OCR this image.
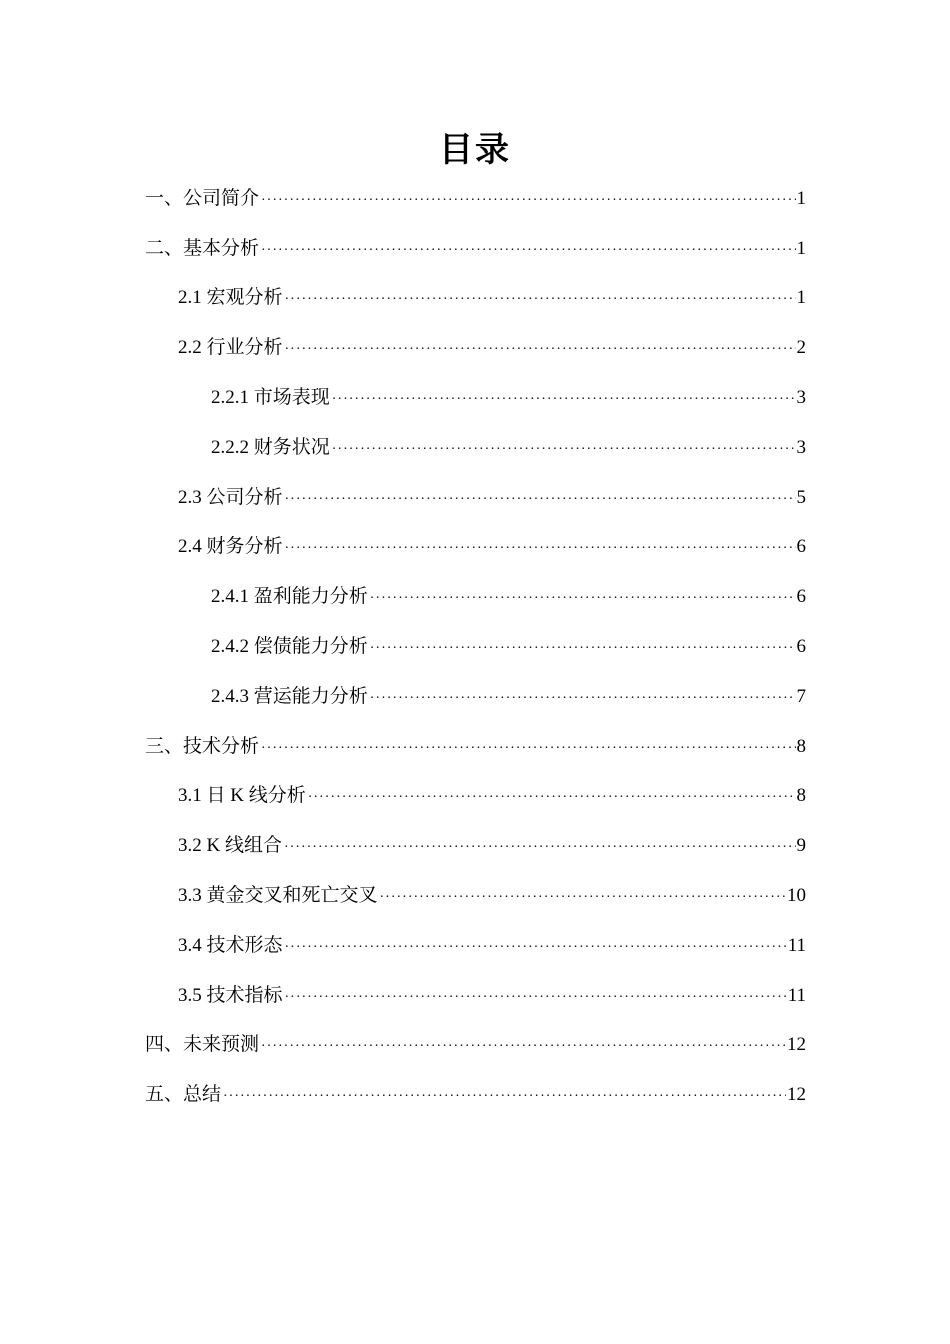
目录
一、公司简介 ·····	1
二、基本分析 ·····	1
2.1 宏观分析 ·····	1
2.2 行业分析 ·····	2
2.2.1 市场表现 ·····	3
2.2.2 财务状况 ·····	3
2.3 公司分析 ·····	5
2.4 财务分析 ·····	6
2.4.1 盈利能力分析 ·····	6
2.4.2 偿债能力分析 ·····	6
2.4.3 营运能力分析 ·····	7
三、技术分析 ·····	8
3.1 日 K 线分析 ·····	8
3.2 K 线组合 ·····	9
3.3 黄金交叉和死亡交叉 ·····	10
3.4 技术形态 ·····	11
3.5 技术指标 ·····	11
四、未来预测 ·····	12
五、总结 ·····	12
